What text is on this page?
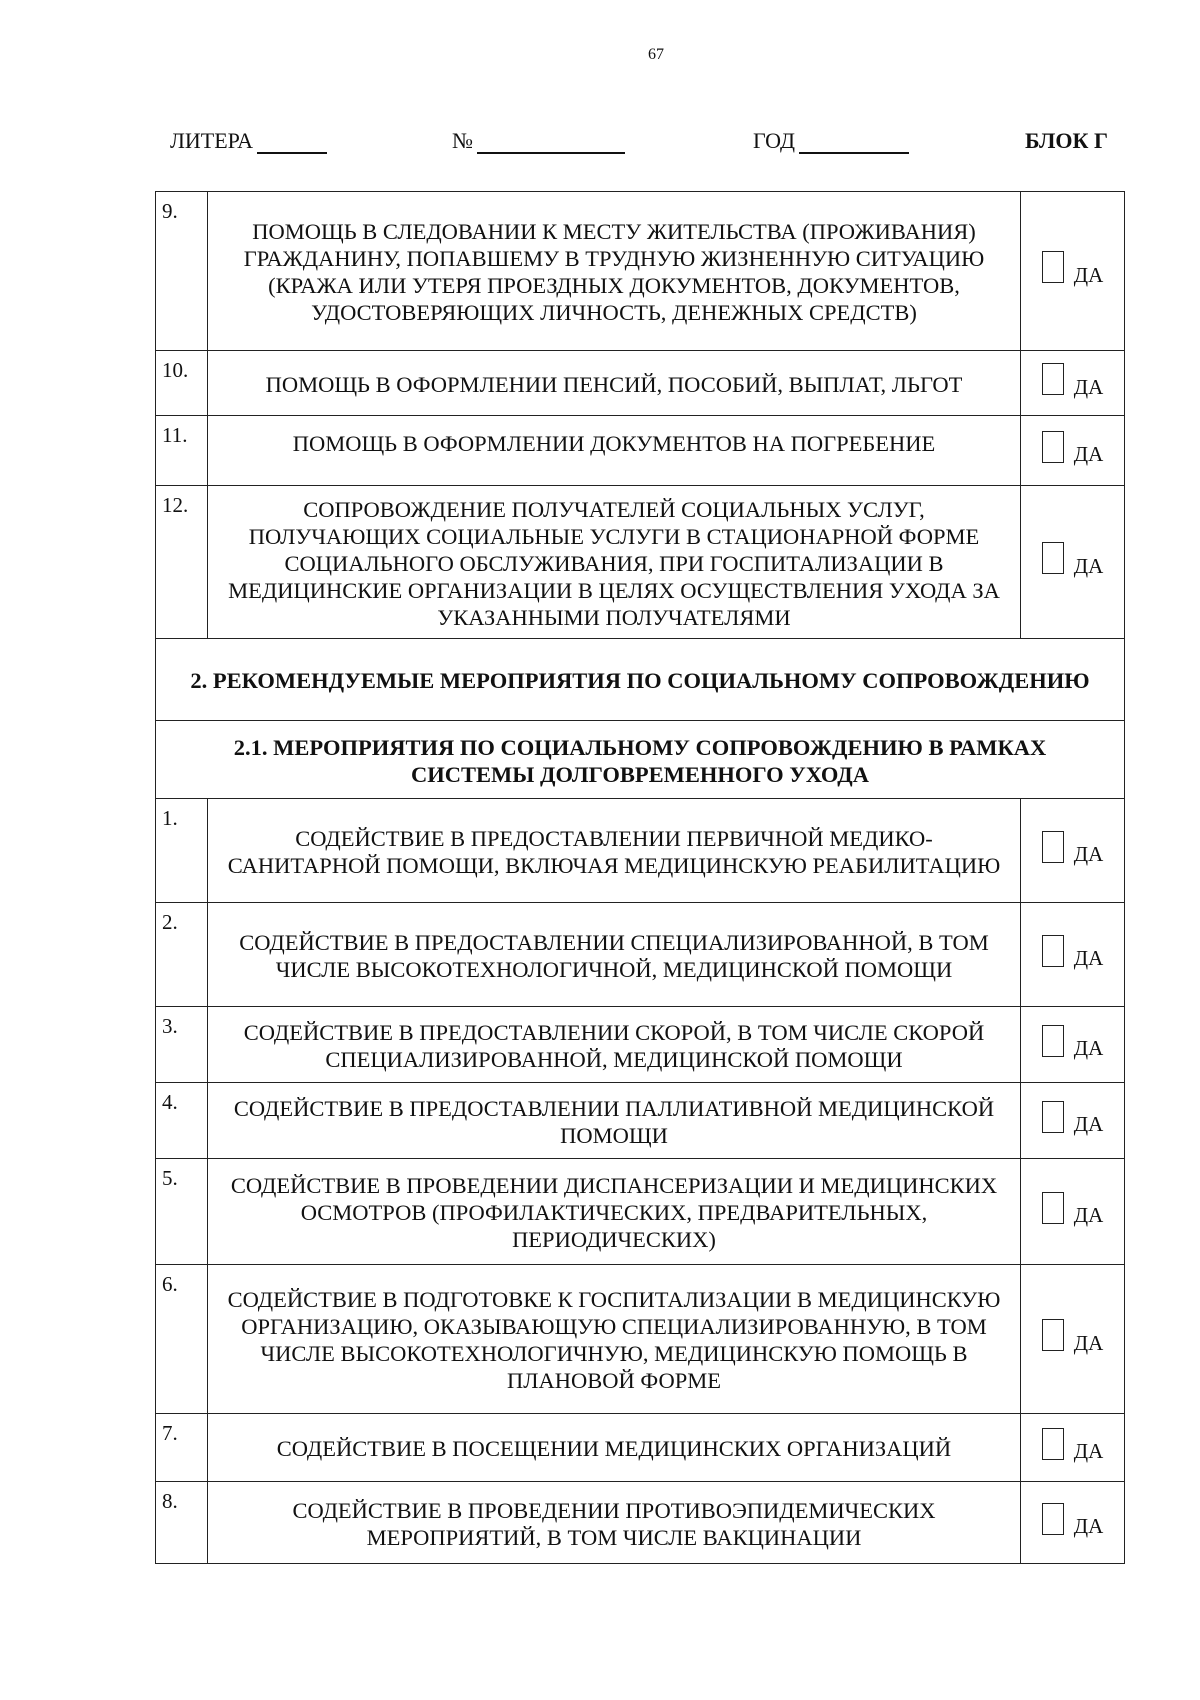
67
ЛИТЕРА	№	ГОД	БЛОК Г
9.	ПОМОЩЬ В СЛЕДОВАНИИ К МЕСТУ ЖИТЕЛЬСТВА (ПРОЖИВАНИЯ) ГРАЖДАНИНУ, ПОПАВШЕМУ В ТРУДНУЮ ЖИЗНЕННУЮ СИТУАЦИЮ (КРАЖА ИЛИ УТЕРЯ ПРОЕЗДНЫХ ДОКУМЕНТОВ, ДОКУМЕНТОВ, УДОСТОВЕРЯЮЩИХ ЛИЧНОСТЬ, ДЕНЕЖНЫХ СРЕДСТВ)	ДА

10.	ПОМОЩЬ В ОФОРМЛЕНИИ ПЕНСИЙ, ПОСОБИЙ, ВЫПЛАТ, ЛЬГОТ	ДА

11.	ПОМОЩЬ В ОФОРМЛЕНИИ ДОКУМЕНТОВ НА ПОГРЕБЕНИЕ	ДА

12.	СОПРОВОЖДЕНИЕ ПОЛУЧАТЕЛЕЙ СОЦИАЛЬНЫХ УСЛУГ, ПОЛУЧАЮЩИХ СОЦИАЛЬНЫЕ УСЛУГИ В СТАЦИОНАРНОЙ ФОРМЕ СОЦИАЛЬНОГО ОБСЛУЖИВАНИЯ, ПРИ ГОСПИТАЛИЗАЦИИ В МЕДИЦИНСКИЕ ОРГАНИЗАЦИИ В ЦЕЛЯХ ОСУЩЕСТВЛЕНИЯ УХОДА ЗА УКАЗАННЫМИ ПОЛУЧАТЕЛЯМИ	ДА

2. РЕКОМЕНДУЕМЫЕ МЕРОПРИЯТИЯ ПО СОЦИАЛЬНОМУ СОПРОВОЖДЕНИЮ		
2.1. МЕРОПРИЯТИЯ ПО СОЦИАЛЬНОМУ СОПРОВОЖДЕНИЮ В РАМКАХ СИСТЕМЫ ДОЛГОВРЕМЕННОГО УХОДА		
1.	СОДЕЙСТВИЕ В ПРЕДОСТАВЛЕНИИ ПЕРВИЧНОЙ МЕДИКО-САНИТАРНОЙ ПОМОЩИ, ВКЛЮЧАЯ МЕДИЦИНСКУЮ РЕАБИЛИТАЦИЮ	ДА

2.	СОДЕЙСТВИЕ В ПРЕДОСТАВЛЕНИИ СПЕЦИАЛИЗИРОВАННОЙ, В ТОМ ЧИСЛЕ ВЫСОКОТЕХНОЛОГИЧНОЙ, МЕДИЦИНСКОЙ ПОМОЩИ	ДА

3.	СОДЕЙСТВИЕ В ПРЕДОСТАВЛЕНИИ СКОРОЙ, В ТОМ ЧИСЛЕ СКОРОЙ СПЕЦИАЛИЗИРОВАННОЙ, МЕДИЦИНСКОЙ ПОМОЩИ	ДА

4.	СОДЕЙСТВИЕ В ПРЕДОСТАВЛЕНИИ ПАЛЛИАТИВНОЙ МЕДИЦИНСКОЙ ПОМОЩИ	ДА

5.	СОДЕЙСТВИЕ В ПРОВЕДЕНИИ ДИСПАНСЕРИЗАЦИИ И МЕДИЦИНСКИХ ОСМОТРОВ (ПРОФИЛАКТИЧЕСКИХ, ПРЕДВАРИТЕЛЬНЫХ, ПЕРИОДИЧЕСКИХ)	ДА

6.	СОДЕЙСТВИЕ В ПОДГОТОВКЕ К ГОСПИТАЛИЗАЦИИ В МЕДИЦИНСКУЮ ОРГАНИЗАЦИЮ, ОКАЗЫВАЮЩУЮ СПЕЦИАЛИЗИРОВАННУЮ, В ТОМ ЧИСЛЕ ВЫСОКОТЕХНОЛОГИЧНУЮ, МЕДИЦИНСКУЮ ПОМОЩЬ В ПЛАНОВОЙ ФОРМЕ	ДА

7.	СОДЕЙСТВИЕ В ПОСЕЩЕНИИ МЕДИЦИНСКИХ ОРГАНИЗАЦИЙ	ДА

8.	СОДЕЙСТВИЕ В ПРОВЕДЕНИИ ПРОТИВОЭПИДЕМИЧЕСКИХ МЕРОПРИЯТИЙ, В ТОМ ЧИСЛЕ ВАКЦИНАЦИИ	ДА
